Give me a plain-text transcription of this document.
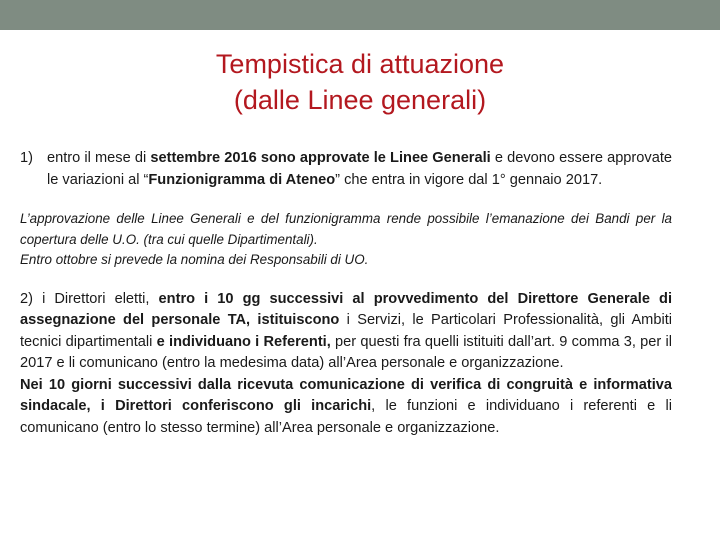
Tempistica di attuazione
(dalle Linee generali)
1) entro il mese di settembre 2016 sono approvate le Linee Generali e devono essere approvate le variazioni al “Funzionigramma di Ateneo” che entra in vigore dal 1° gennaio 2017.
L’approvazione delle Linee Generali e del funzionigramma rende possibile l’emanazione dei Bandi per la copertura delle U.O. (tra cui quelle Dipartimentali).
Entro ottobre si prevede la nomina dei Responsabili di UO.
2) i Direttori eletti, entro i 10 gg successivi al provvedimento del Direttore Generale di assegnazione del personale TA, istituiscono i Servizi, le Particolari Professionalità, gli Ambiti tecnici dipartimentali e individuano i Referenti, per questi fra quelli istituiti dall’art. 9 comma 3, per il 2017 e li comunicano (entro la medesima data) all’Area personale e organizzazione.
Nei 10 giorni successivi dalla ricevuta comunicazione di verifica di congruità e informativa sindacale, i Direttori conferiscono gli incarichi, le funzioni e individuano i referenti e li comunicano (entro lo stesso termine) all’Area personale e organizzazione.
